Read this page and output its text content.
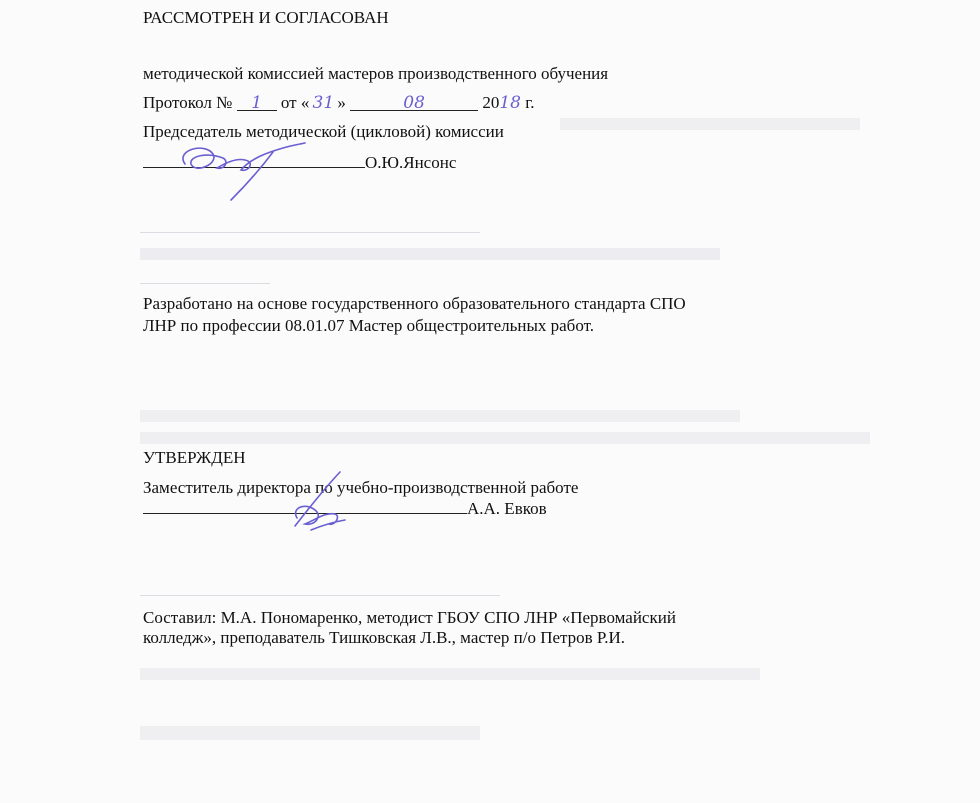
РАССМОТРЕН И СОГЛАСОВАН
методической комиссией мастеров производственного обучения
Протокол № 1 от « 31 »	08	2018 г.
Председатель методической (цикловой) комиссии
О.Ю.Янсонс
Разработано на основе государственного образовательного стандарта СПО
ЛНР по профессии 08.01.07 Мастер общестроительных работ.
УТВЕРЖДЕН
Заместитель директора по учебно-производственной работе
А.А. Евков
Составил: М.А. Пономаренко, методист ГБОУ СПО ЛНР «Первомайский
колледж», преподаватель Тишковская Л.В., мастер п/о Петров Р.И.
